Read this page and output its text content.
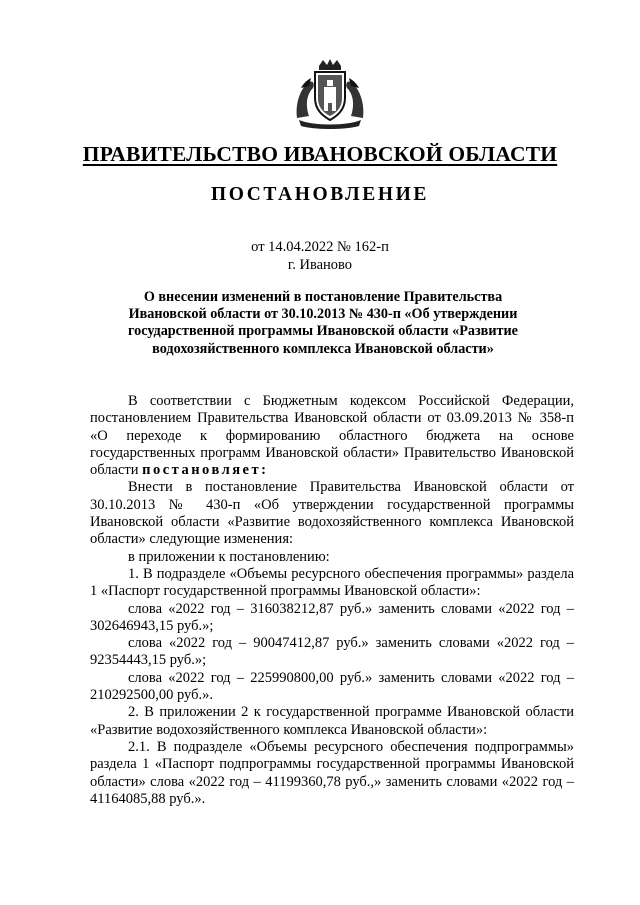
ПРАВИТЕЛЬСТВО ИВАНОВСКОЙ ОБЛАСТИ
ПОСТАНОВЛЕНИЕ
от 14.04.2022 № 162-п
г. Иваново
О внесении изменений в постановление Правительства Ивановской области от 30.10.2013 № 430-п «Об утверждении государственной программы Ивановской области «Развитие водохозяйственного комплекса Ивановской области»

В соответствии с Бюджетным кодексом Российской Федерации, постановлением Правительства Ивановской области от 03.09.2013 № 358-п «О переходе к формированию областного бюджета на основе государственных программ Ивановской области» Правительство Ивановской области постановляет:

Внести в постановление Правительства Ивановской области от 30.10.2013 № 430-п «Об утверждении государственной программы Ивановской области «Развитие водохозяйственного комплекса Ивановской области» следующие изменения:

в приложении к постановлению:

1. В подразделе «Объемы ресурсного обеспечения программы» раздела 1 «Паспорт государственной программы Ивановской области»:

слова «2022 год – 316038212,87 руб.» заменить словами «2022 год – 302646943,15 руб.»;

слова «2022 год – 90047412,87 руб.» заменить словами «2022 год – 92354443,15 руб.»;

слова «2022 год – 225990800,00 руб.» заменить словами «2022 год – 210292500,00 руб.».

2. В приложении 2 к государственной программе Ивановской области «Развитие водохозяйственного комплекса Ивановской области»:

2.1. В подразделе «Объемы ресурсного обеспечения подпрограммы» раздела 1 «Паспорт подпрограммы государственной программы Ивановской области» слова «2022 год – 41199360,78 руб.,» заменить словами «2022 год – 41164085,88 руб.».
